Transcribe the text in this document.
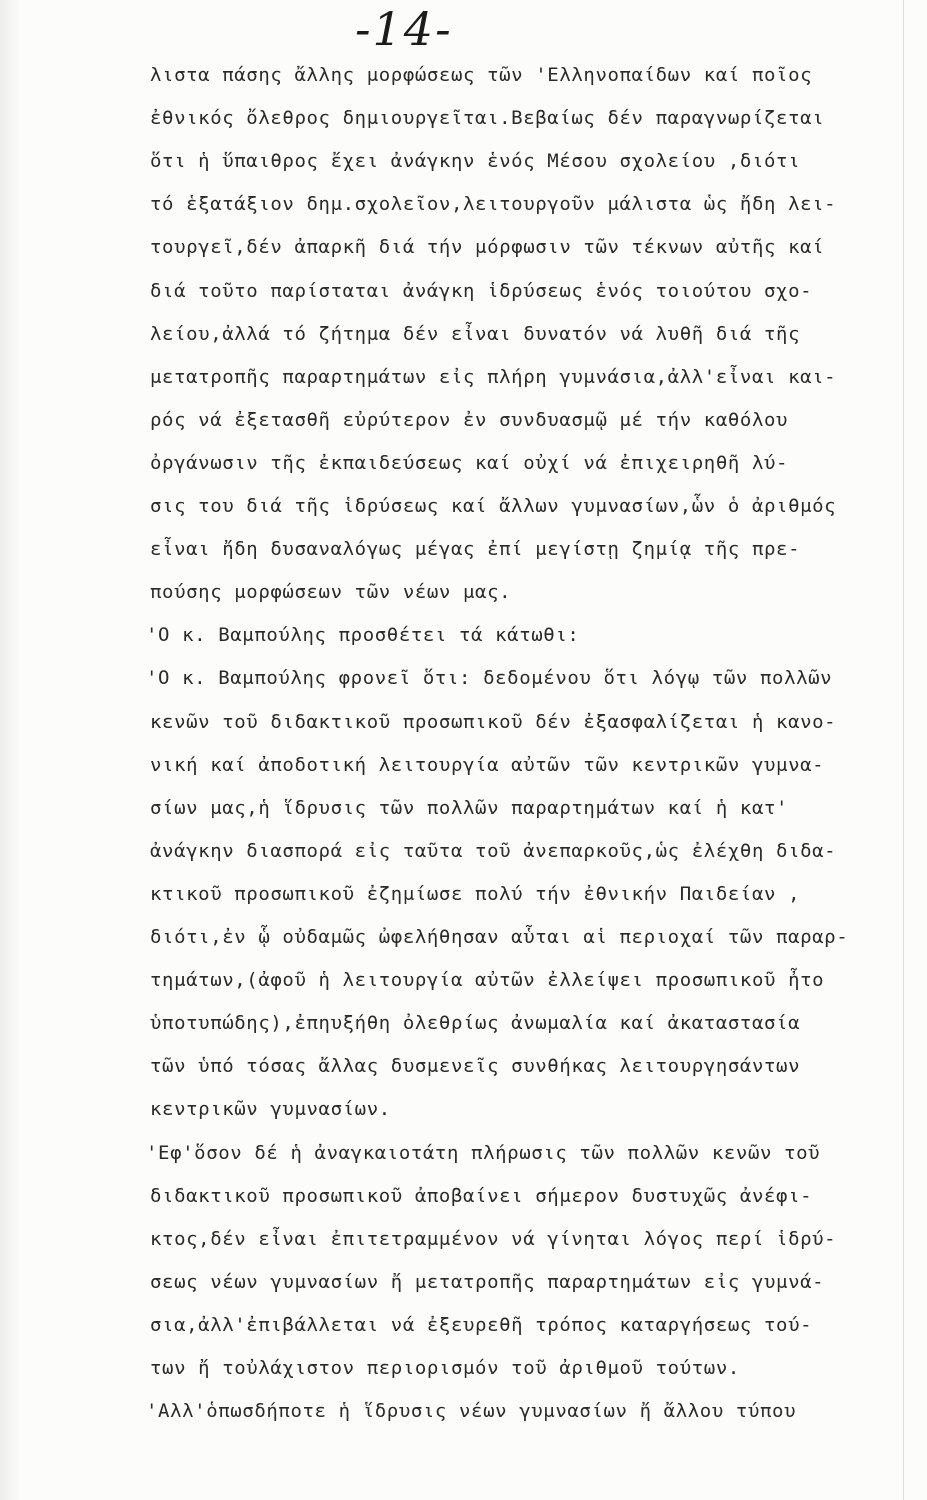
-14-
λιστα πάσης ἄλλης μορφώσεως τῶν 'Ελληνοπαίδων καί ποῖος
ἐθνικός ὄλεθρος δημιουργεῖται.Βεβαίως δέν παραγνωρίζεται
ὅτι ἡ ὕπαιθρος ἔχει ἀνάγκην ἑνός Μέσου σχολείου ,διότι
τό ἑξατάξιον δημ.σχολεῖον,λειτουργοῦν μάλιστα ὡς ἤδη λει-
τουργεῖ,δέν ἀπαρκῆ διά τήν μόρφωσιν τῶν τέκνων αὐτῆς καί
διά τοῦτο παρίσταται ἀνάγκη ἱδρύσεως ἑνός τοιούτου σχο-
λείου,ἀλλά τό ζήτημα δέν εἶναι δυνατόν νά λυθῆ διά τῆς
μετατροπῆς παραρτημάτων εἰς πλήρη γυμνάσια,ἀλλ'εἶναι και-
ρός νά ἐξετασθῆ εὐρύτερον ἐν συνδυασμῷ μέ τήν καθόλου
ὀργάνωσιν τῆς ἐκπαιδεύσεως καί οὐχί νά ἐπιχειρηθῆ λύ-
σις του διά τῆς ἱδρύσεως καί ἄλλων γυμνασίων,ὧν ὁ ἀριθμός
εἶναι ἤδη δυσαναλόγως μέγας ἐπί μεγίστῃ ζημίᾳ τῆς πρε-
πούσης μορφώσεων τῶν νέων μας.
'Ο κ. Βαμπούλης προσθέτει τά κάτωθι:
'Ο κ. Βαμπούλης φρονεῖ ὅτι: δεδομένου ὅτι λόγῳ τῶν πολλῶν
κενῶν τοῦ διδακτικοῦ προσωπικοῦ δέν ἐξασφαλίζεται ἡ κανο-
νική καί ἀποδοτική λειτουργία αὐτῶν τῶν κεντρικῶν γυμνα-
σίων μας,ἡ ἵδρυσις τῶν πολλῶν παραρτημάτων καί ἡ κατ'
ἀνάγκην διασπορά εἰς ταῦτα τοῦ ἀνεπαρκοῦς,ὡς ἐλέχθη διδα-
κτικοῦ προσωπικοῦ ἐζημίωσε πολύ τήν ἐθνικήν Παιδείαν ,
διότι,ἐν ᾧ οὐδαμῶς ὠφελήθησαν αὗται αἱ περιοχαί τῶν παραρ-
τημάτων,(ἀφοῦ ἡ λειτουργία αὐτῶν ἐλλείψει προσωπικοῦ ἦτο
ὑποτυπώδης),ἐπηυξήθη ὀλεθρίως ἀνωμαλία καί ἀκαταστασία
τῶν ὑπό τόσας ἄλλας δυσμενεῖς συνθήκας λειτουργησάντων
κεντρικῶν γυμνασίων.
'Εφ'ὅσον δέ ἡ ἀναγκαιοτάτη πλήρωσις τῶν πολλῶν κενῶν τοῦ
διδακτικοῦ προσωπικοῦ ἀποβαίνει σήμερον δυστυχῶς ἀνέφι-
κτος,δέν εἶναι ἐπιτετραμμένον νά γίνηται λόγος περί ἱδρύ-
σεως νέων γυμνασίων ἤ μετατροπῆς παραρτημάτων εἰς γυμνά-
σια,ἀλλ'ἐπιβάλλεται νά ἐξευρεθῆ τρόπος καταργήσεως τού-
των ἤ τοὐλάχιστον περιορισμόν τοῦ ἀριθμοῦ τούτων.
'Αλλ'ὁπωσδήποτε ἡ ἵδρυσις νέων γυμνασίων ἤ ἄλλου τύπου
